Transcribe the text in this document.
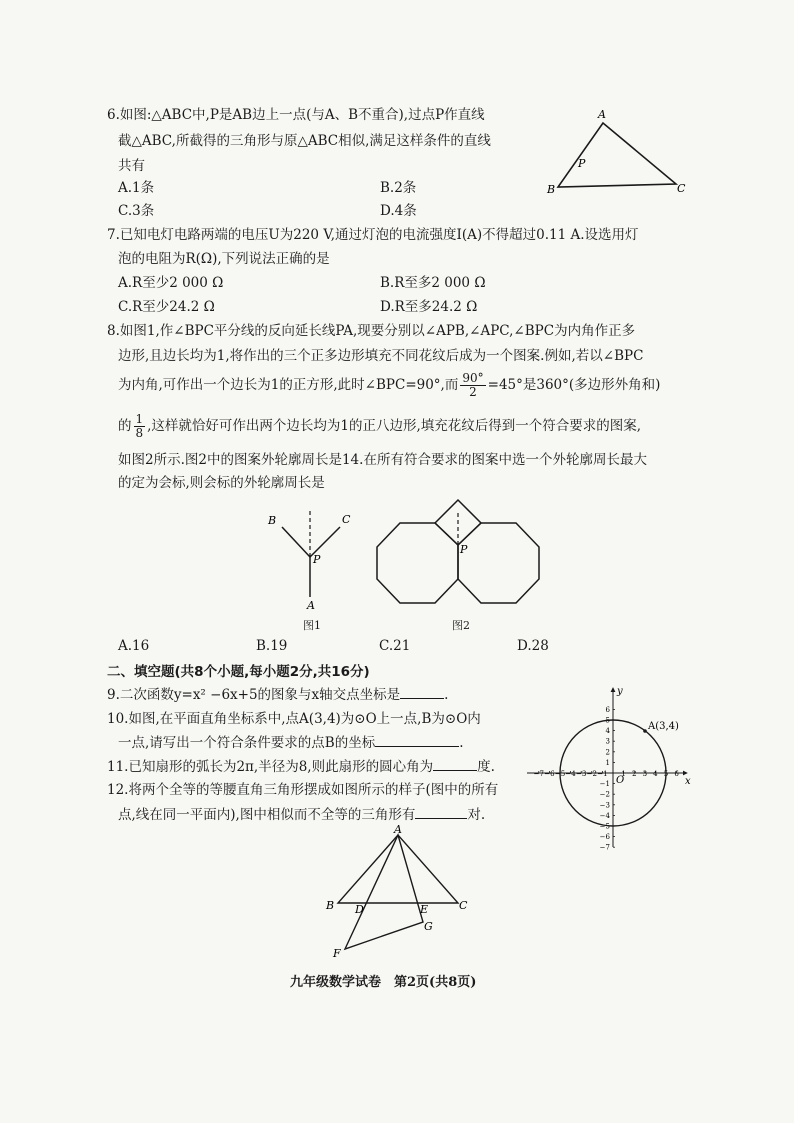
6.如图:△ABC中,P是AB边上一点(与A、B不重合),过点P作直线
截△ABC,所截得的三角形与原△ABC相似,满足这样条件的直线
共有
A.1条	B.2条
C.3条	D.4条
A
B	C
P
7.已知电灯电路两端的电压U为220 V,通过灯泡的电流强度I(A)不得超过0.11 A.设选用灯
泡的电阻为R(Ω),下列说法正确的是
A.R至少2 000 Ω	B.R至多2 000 Ω
C.R至少24.2 Ω	D.R至多24.2 Ω
8.如图1,作∠BPC平分线的反向延长线PA,现要分别以∠APB,∠APC,∠BPC为内角作正多
边形,且边长均为1,将作出的三个正多边形填充不同花纹后成为一个图案.例如,若以∠BPC
为内角,可作出一个边长为1的正方形,此时∠BPC=90°,而 $\frac{90^\circ}{2} =45^\circ$是360°(多边形外角和)
的 $\frac{1}{8}$ ,这样就恰好可作出两个边长均为1的正八边形,填充花纹后得到一个符合要求的图案,
如图2所示.图2中的图案外轮廓周长是14.在所有符合要求的图案中选一个外轮廓周长最大
的定为会标,则会标的外轮廓周长是
B	C
P
A
图1
P
图2
A.16	B.19	C.21	D.28
二、填空题(共8个小题,每小题2分,共16分)
9.二次函数y=x² −6x+5的图象与x轴交点坐标是	.
10.如图,在平面直角坐标系中,点A(3,4)为⊙O上一点,B为⊙O内
一点,请写出一个符合条件要求的点B的坐标	.
11.已知扇形的弧长为2π,半径为8,则此扇形的圆心角为	度.
12.将两个全等的等腰直角三角形摆成如图所示的样子(图中的所有
点,线在同一平面内),图中相似而不全等的三角形有	对.
−7 −6 −5 −4 −3 −2 −1 1 2 3 4 5 6
6
5
4
3
2
1
−1
−2
−3
−4
−5
−6
−7
A(3,4)
O
y
x
A
B	C
D	E
F
G
九年级数学试卷　第2页(共8页)
